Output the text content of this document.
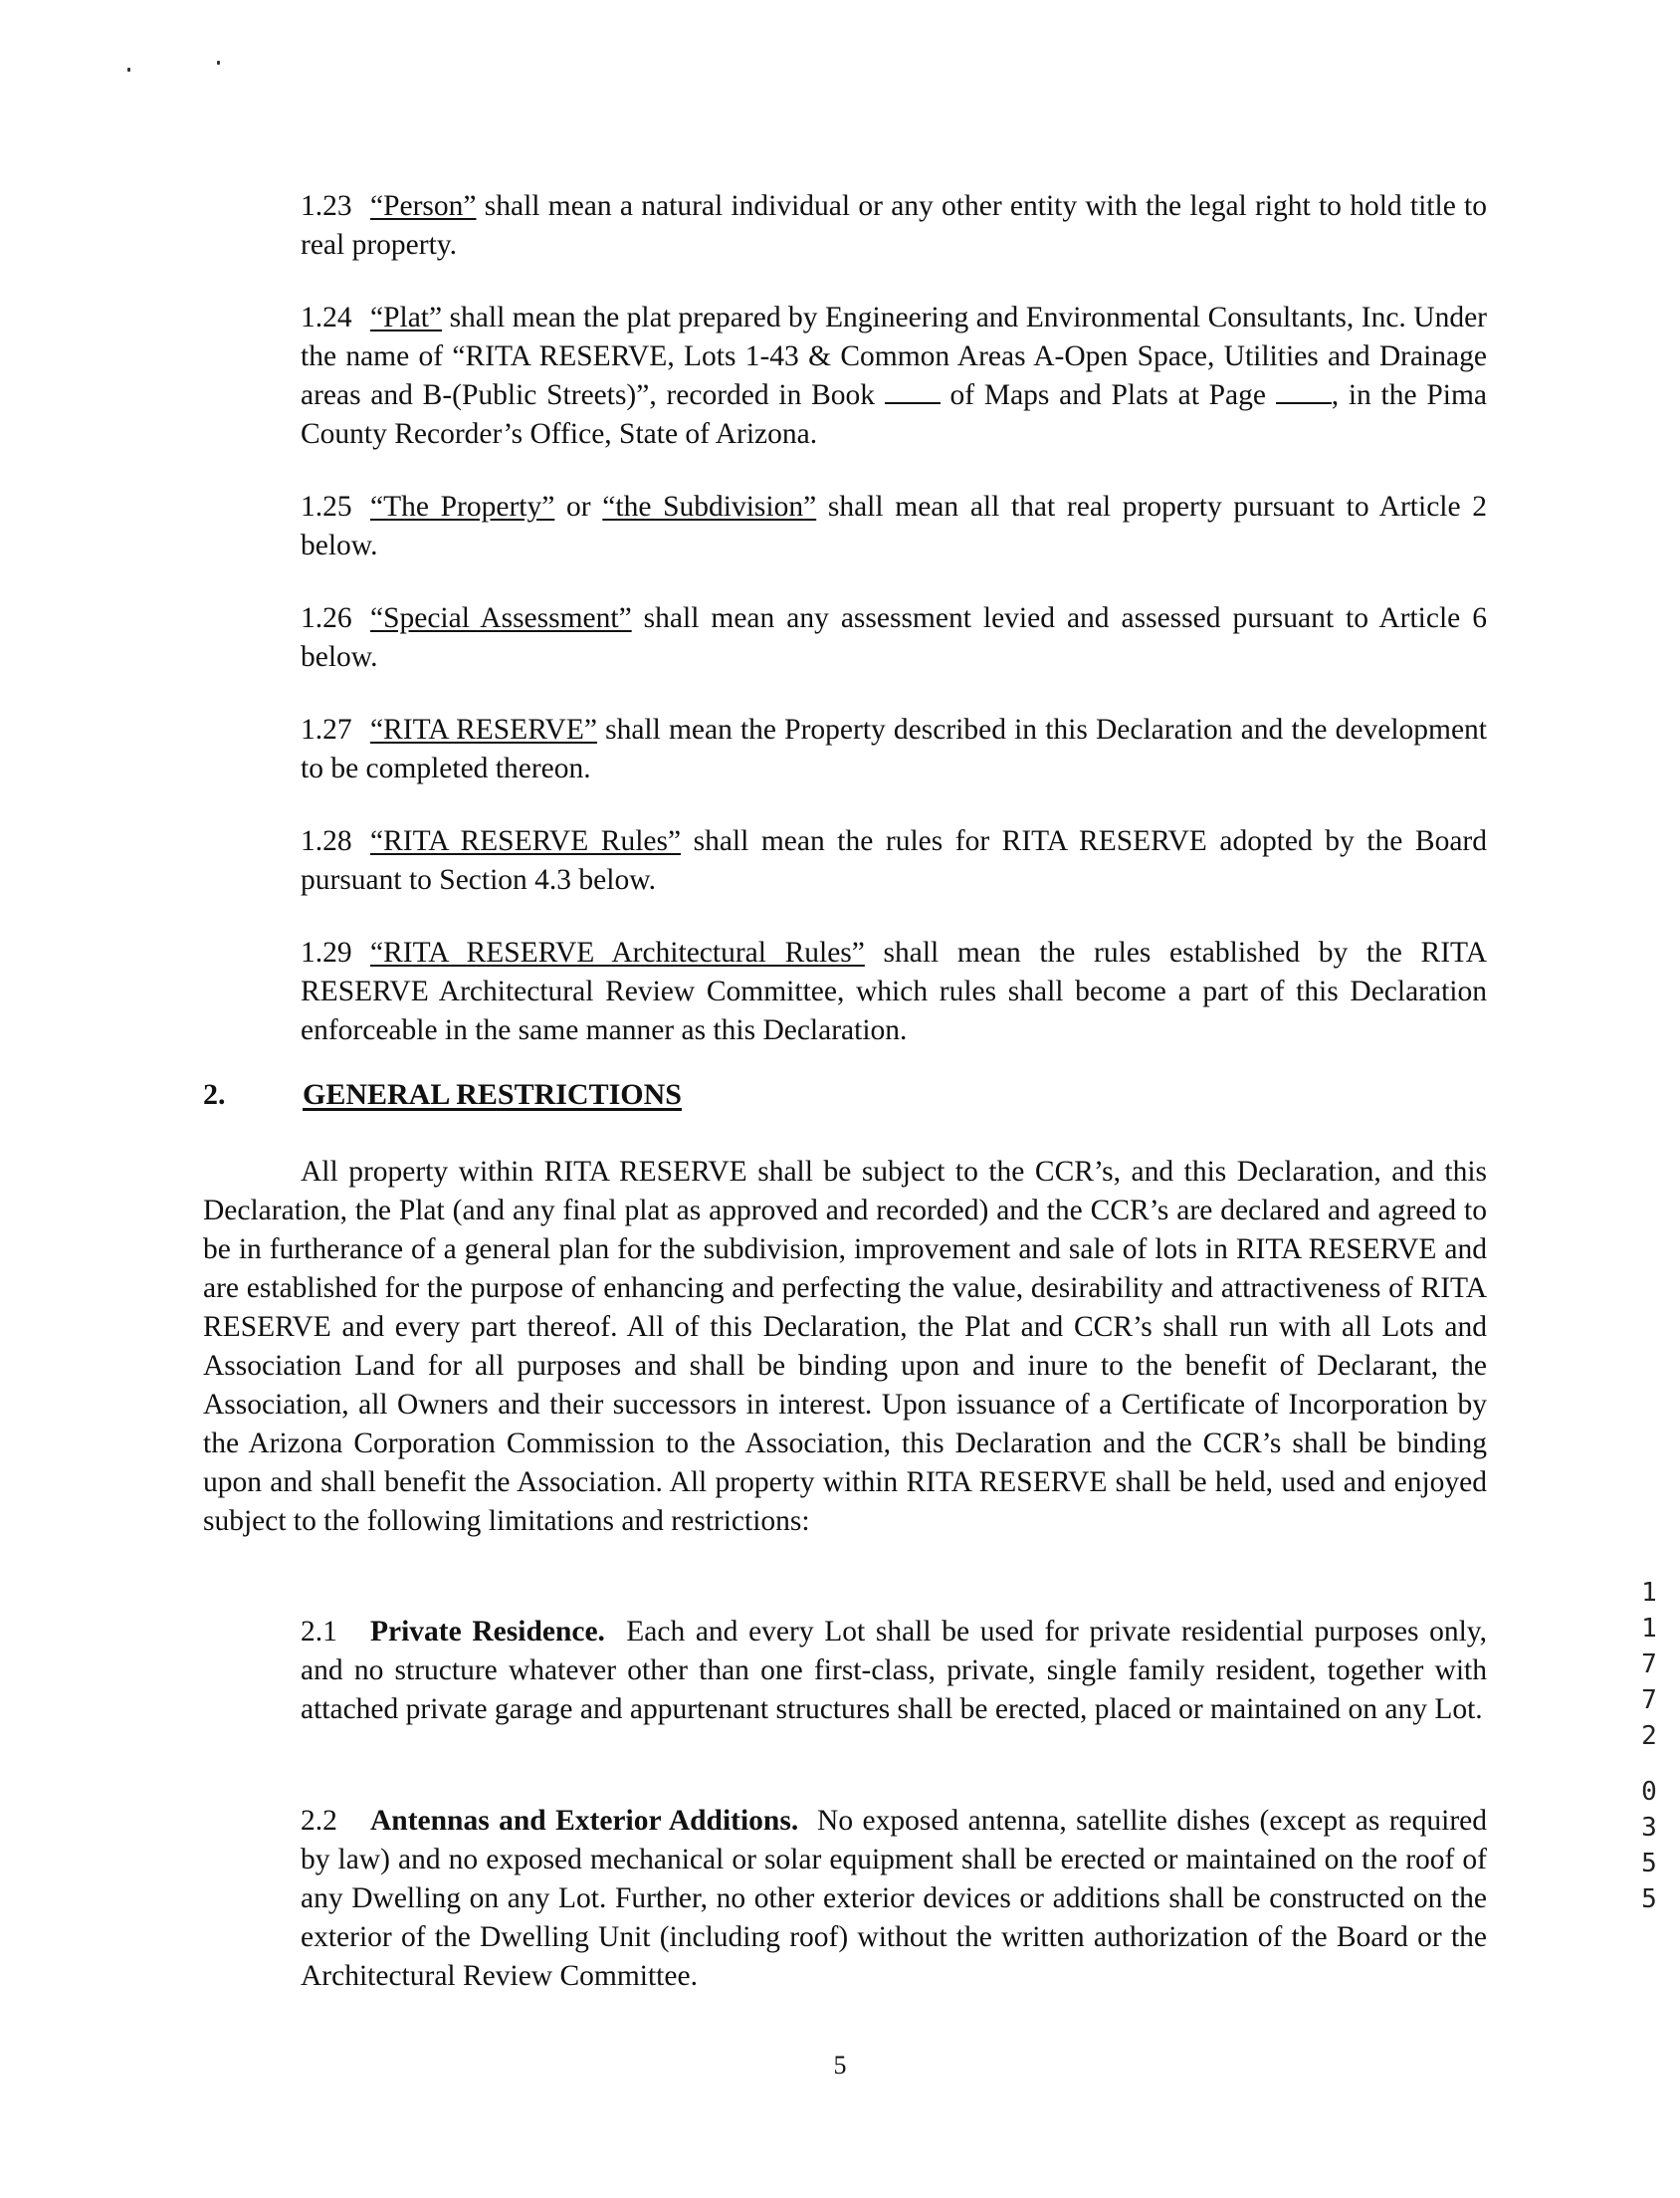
1.23 “Person” shall mean a natural individual or any other entity with the legal right to hold title to real property.

1.24 “Plat” shall mean the plat prepared by Engineering and Environmental Consultants, Inc. Under the name of “RITA RESERVE, Lots 1-43 & Common Areas A-Open Space, Utilities and Drainage areas and B-(Public Streets)”, recorded in Book	of Maps and Plats at Page , in the Pima County Recorder’s Office, State of Arizona.

1.25 “The Property” or “the Subdivision” shall mean all that real property pursuant to Article 2 below.

1.26 “Special Assessment” shall mean any assessment levied and assessed pursuant to Article 6 below.

1.27 “RITA RESERVE” shall mean the Property described in this Declaration and the development to be completed thereon.

1.28 “RITA RESERVE Rules” shall mean the rules for RITA RESERVE adopted by the Board pursuant to Section 4.3 below.

1.29 “RITA RESERVE Architectural Rules” shall mean the rules established by the RITA RESERVE Architectural Review Committee, which rules shall become a part of this Declaration enforceable in the same manner as this Declaration.

2.	GENERAL RESTRICTIONS

All property within RITA RESERVE shall be subject to the CCR’s, and this Declaration, and this Declaration, the Plat (and any final plat as approved and recorded) and the CCR’s are declared and agreed to be in furtherance of a general plan for the subdivision, improvement and sale of lots in RITA RESERVE and are established for the purpose of enhancing and perfecting the value, desirability and attractiveness of RITA RESERVE and every part thereof. All of this Declaration, the Plat and CCR’s shall run with all Lots and Association Land for all purposes and shall be binding upon and inure to the benefit of Declarant, the Association, all Owners and their successors in interest. Upon issuance of a Certificate of Incorporation by the Arizona Corporation Commission to the Association, this Declaration and the CCR’s shall be binding upon and shall benefit the Association. All property within RITA RESERVE shall be held, used and enjoyed subject to the following limitations and restrictions:

2.1 Private Residence. Each and every Lot shall be used for private residential purposes only, and no structure whatever other than one first-class, private, single family resident, together with attached private garage and appurtenant structures shall be erected, placed or maintained on any Lot.

2.2 Antennas and Exterior Additions. No exposed antenna, satellite dishes (except as required by law) and no exposed mechanical or solar equipment shall be erected or maintained on the roof of any Dwelling on any Lot. Further, no other exterior devices or additions shall be constructed on the exterior of the Dwelling Unit (including roof) without the written authorization of the Board or the Architectural Review Committee.

5
1
1
7
7
2
0
3
5
5
